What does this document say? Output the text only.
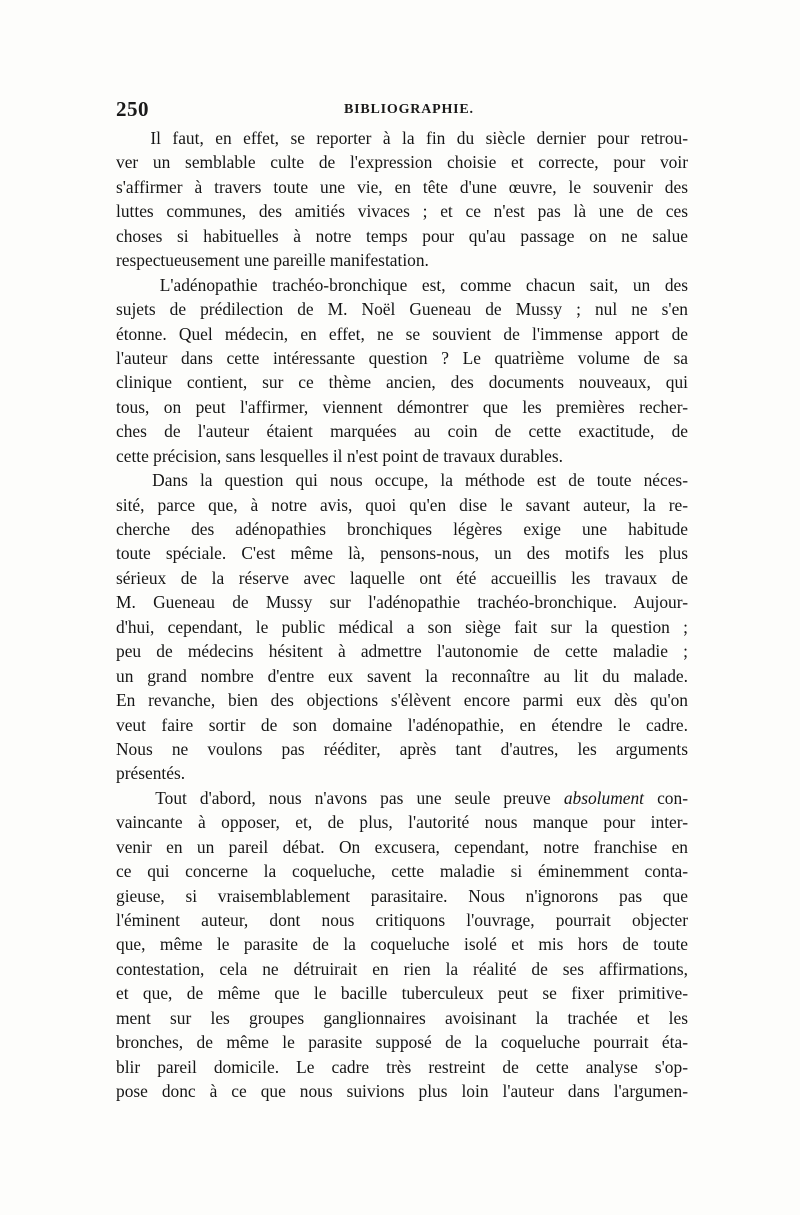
250	BIBLIOGRAPHIE.
Il faut, en effet, se reporter à la fin du siècle dernier pour retrou-
ver un semblable culte de l'expression choisie et correcte, pour voir
s'affirmer à travers toute une vie, en tête d'une œuvre, le souvenir des
luttes communes, des amitiés vivaces ; et ce n'est pas là une de ces
choses si habituelles à notre temps pour qu'au passage on ne salue
respectueusement une pareille manifestation.
L'adénopathie trachéo-bronchique est, comme chacun sait, un des
sujets de prédilection de M. Noël Gueneau de Mussy ; nul ne s'en
étonne. Quel médecin, en effet, ne se souvient de l'immense apport de
l'auteur dans cette intéressante question ? Le quatrième volume de sa
clinique contient, sur ce thème ancien, des documents nouveaux, qui
tous, on peut l'affirmer, viennent démontrer que les premières recher-
ches de l'auteur étaient marquées au coin de cette exactitude, de
cette précision, sans lesquelles il n'est point de travaux durables.
Dans la question qui nous occupe, la méthode est de toute néces-
sité, parce que, à notre avis, quoi qu'en dise le savant auteur, la re-
cherche des adénopathies bronchiques légères exige une habitude
toute spéciale. C'est même là, pensons-nous, un des motifs les plus
sérieux de la réserve avec laquelle ont été accueillis les travaux de
M. Gueneau de Mussy sur l'adénopathie trachéo-bronchique. Aujour-
d'hui, cependant, le public médical a son siège fait sur la question ;
peu de médecins hésitent à admettre l'autonomie de cette maladie ;
un grand nombre d'entre eux savent la reconnaître au lit du malade.
En revanche, bien des objections s'élèvent encore parmi eux dès qu'on
veut faire sortir de son domaine l'adénopathie, en étendre le cadre.
Nous ne voulons pas rééditer, après tant d'autres, les arguments
présentés.
Tout d'abord, nous n'avons pas une seule preuve absolument con-
vaincante à opposer, et, de plus, l'autorité nous manque pour inter-
venir en un pareil débat. On excusera, cependant, notre franchise en
ce qui concerne la coqueluche, cette maladie si éminemment conta-
gieuse, si vraisemblablement parasitaire. Nous n'ignorons pas que
l'éminent auteur, dont nous critiquons l'ouvrage, pourrait objecter
que, même le parasite de la coqueluche isolé et mis hors de toute
contestation, cela ne détruirait en rien la réalité de ses affirmations,
et que, de même que le bacille tuberculeux peut se fixer primitive-
ment sur les groupes ganglionnaires avoisinant la trachée et les
bronches, de même le parasite supposé de la coqueluche pourrait éta-
blir pareil domicile. Le cadre très restreint de cette analyse s'op-
pose donc à ce que nous suivions plus loin l'auteur dans l'argumen-
